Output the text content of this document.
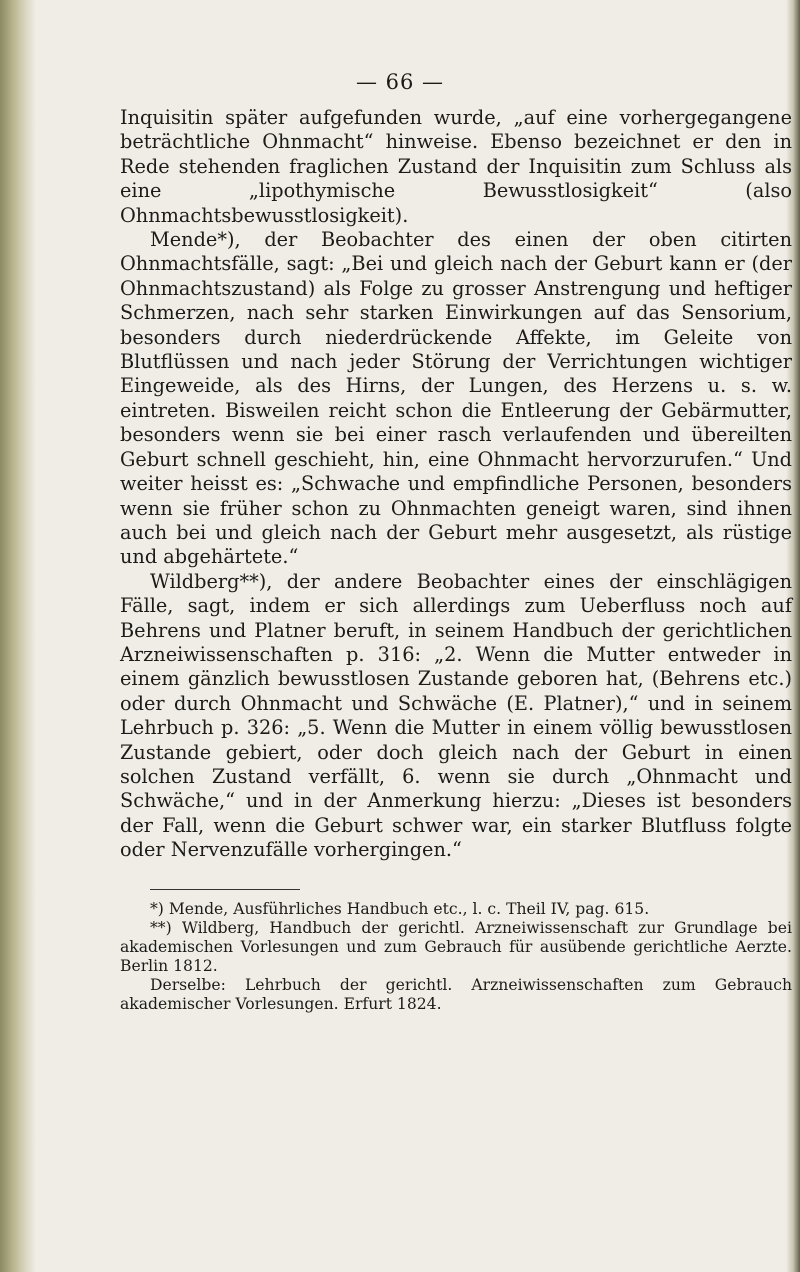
— 66 —

Inquisitin später aufgefunden wurde, „auf eine vorhergegangene beträchtliche Ohnmacht“ hinweise. Ebenso bezeichnet er den in Rede stehenden fraglichen Zustand der Inquisitin zum Schluss als eine „lipothymische Bewusstlosigkeit“ (also Ohnmachtsbewusstlosigkeit).

Mende*), der Beobachter des einen der oben citirten Ohnmachtsfälle, sagt: „Bei und gleich nach der Geburt kann er (der Ohnmachtszustand) als Folge zu grosser Anstrengung und heftiger Schmerzen, nach sehr starken Einwirkungen auf das Sensorium, besonders durch niederdrückende Affekte, im Geleite von Blutflüssen und nach jeder Störung der Verrichtungen wichtiger Eingeweide, als des Hirns, der Lungen, des Herzens u. s. w. eintreten. Bisweilen reicht schon die Entleerung der Gebärmutter, besonders wenn sie bei einer rasch verlaufenden und übereilten Geburt schnell geschieht, hin, eine Ohnmacht hervorzurufen.“ Und weiter heisst es: „Schwache und empfindliche Personen, besonders wenn sie früher schon zu Ohnmachten geneigt waren, sind ihnen auch bei und gleich nach der Geburt mehr ausgesetzt, als rüstige und abgehärtete.“

Wildberg**), der andere Beobachter eines der einschlägigen Fälle, sagt, indem er sich allerdings zum Ueberfluss noch auf Behrens und Platner beruft, in seinem Handbuch der gerichtlichen Arzneiwissenschaften p. 316: „2. Wenn die Mutter entweder in einem gänzlich bewusstlosen Zustande geboren hat, (Behrens etc.) oder durch Ohnmacht und Schwäche (E. Platner),“ und in seinem Lehrbuch p. 326: „5. Wenn die Mutter in einem völlig bewusstlosen Zustande gebiert, oder doch gleich nach der Geburt in einen solchen Zustand verfällt, 6. wenn sie durch „Ohnmacht und Schwäche,“ und in der Anmerkung hierzu: „Dieses ist besonders der Fall, wenn die Geburt schwer war, ein starker Blutfluss folgte oder Nervenzufälle vorhergingen.“

*) Mende, Ausführliches Handbuch etc., l. c. Theil IV, pag. 615.

**) Wildberg, Handbuch der gerichtl. Arzneiwissenschaft zur Grundlage bei akademischen Vorlesungen und zum Gebrauch für ausübende gerichtliche Aerzte. Berlin 1812.

Derselbe: Lehrbuch der gerichtl. Arzneiwissenschaften zum Gebrauch akademischer Vorlesungen. Erfurt 1824.
